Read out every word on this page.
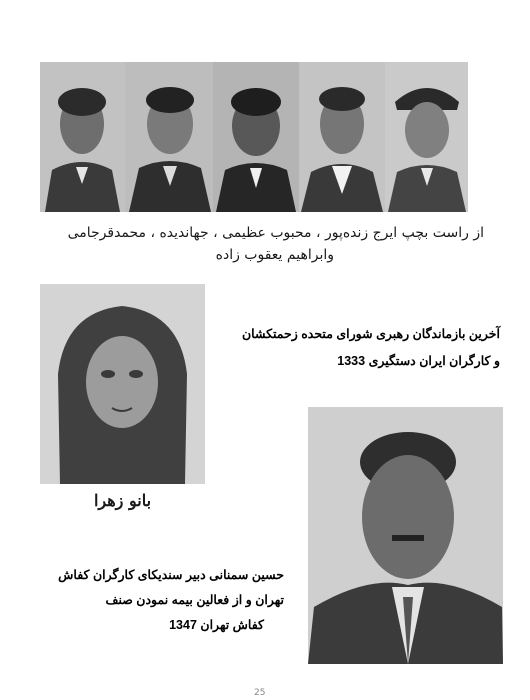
از راست بچپ ایرج زنده‌پور ، محبوب عظیمی ، جهاندیده ، محمدقرجامی
وابراهیم یعقوب زاده
بانو زهرا
آخرین بازماندگان رهبری شورای متحده زحمتکشان
و کارگران ایران دستگیری 1333
حسین سمنانی دبیر سندیکای کارگران کفاش
تهران و از فعالین بیمه نمودن صنف
کفاش تهران 1347
25
